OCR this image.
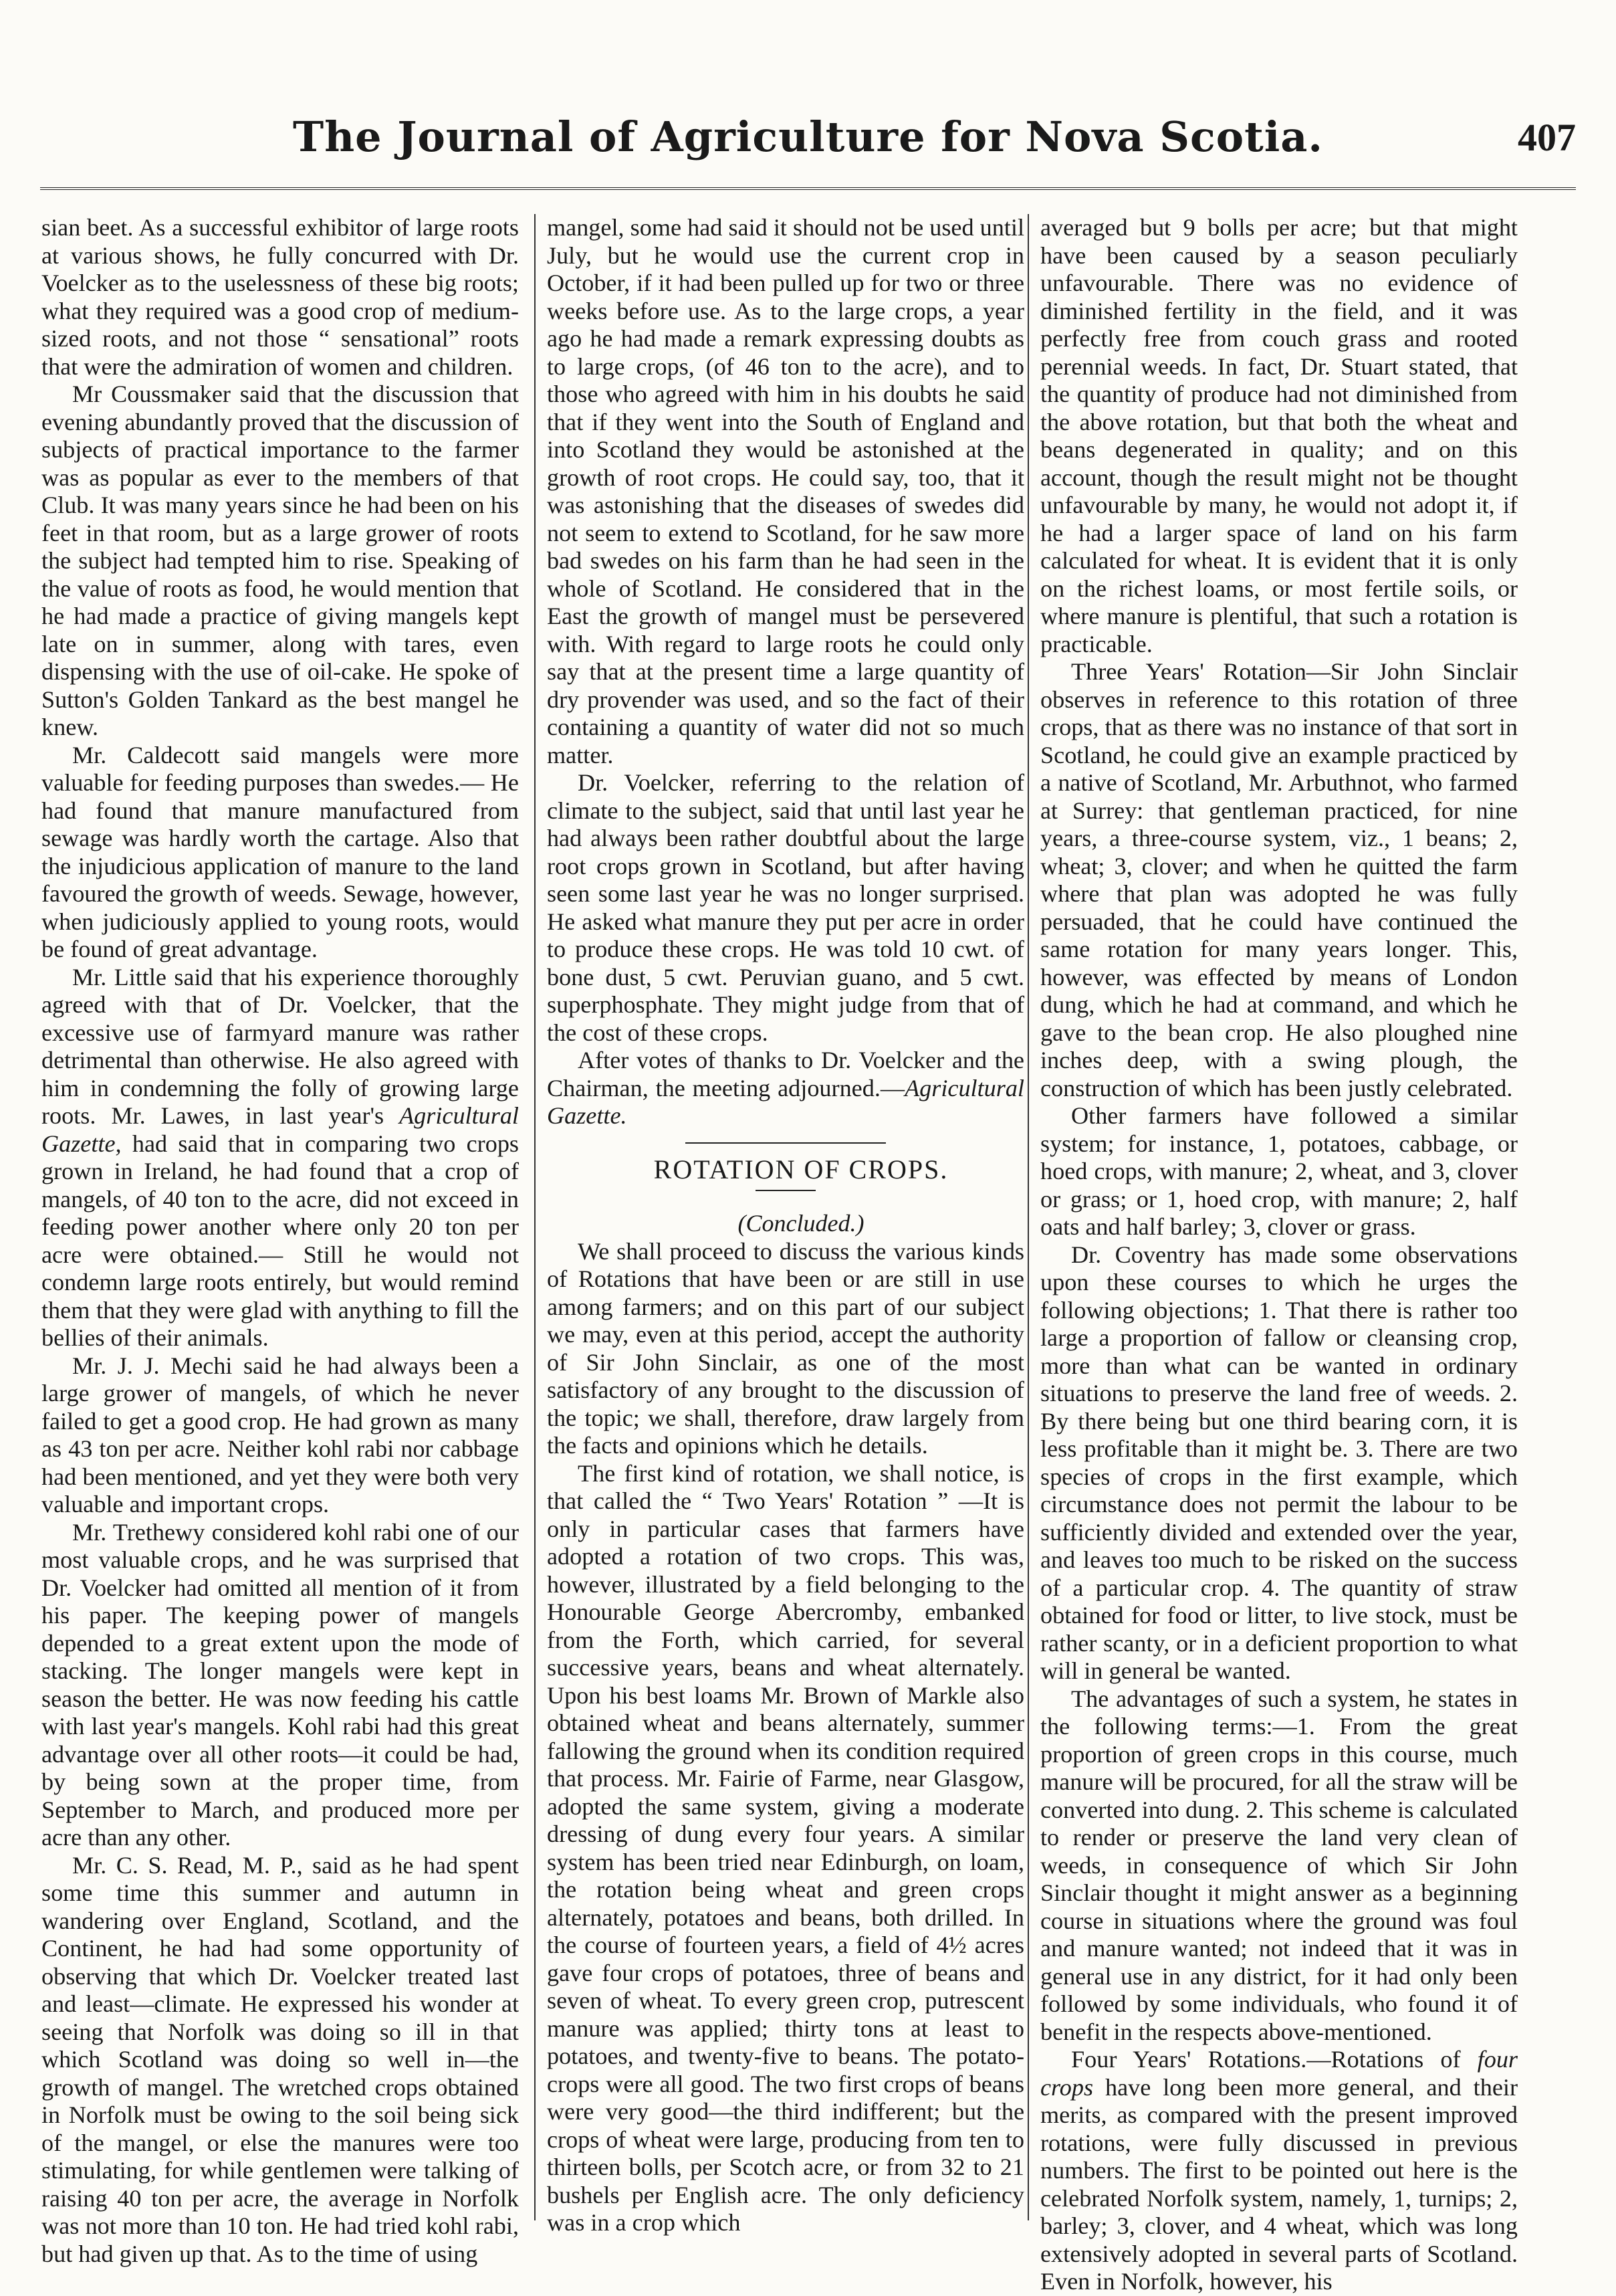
The Journal of Agriculture for Nova Scotia.	407

sian beet. As a successful exhibitor of large roots at various shows, he fully concurred with Dr. Voelcker as to the uselessness of these big roots; what they required was a good crop of medium-sized roots, and not those “ sensational” roots that were the admiration of women and children.

Mr Coussmaker said that the discussion that evening abundantly proved that the discussion of subjects of practical importance to the farmer was as popular as ever to the members of that Club. It was many years since he had been on his feet in that room, but as a large grower of roots the subject had tempted him to rise. Speaking of the value of roots as food, he would mention that he had made a practice of giving mangels kept late on in summer, along with tares, even dispensing with the use of oil-cake. He spoke of Sutton's Golden Tankard as the best mangel he knew.

Mr. Caldecott said mangels were more valuable for feeding purposes than swedes.— He had found that manure manufactured from sewage was hardly worth the cartage. Also that the injudicious application of manure to the land favoured the growth of weeds. Sewage, however, when judiciously applied to young roots, would be found of great advantage.

Mr. Little said that his experience thoroughly agreed with that of Dr. Voelcker, that the excessive use of farmyard manure was rather detrimental than otherwise. He also agreed with him in condemning the folly of growing large roots. Mr. Lawes, in last year's Agricultural Gazette, had said that in comparing two crops grown in Ireland, he had found that a crop of mangels, of 40 ton to the acre, did not exceed in feeding power another where only 20 ton per acre were obtained.— Still he would not condemn large roots entirely, but would remind them that they were glad with anything to fill the bellies of their animals.

Mr. J. J. Mechi said he had always been a large grower of mangels, of which he never failed to get a good crop. He had grown as many as 43 ton per acre. Neither kohl rabi nor cabbage had been mentioned, and yet they were both very valuable and important crops.

Mr. Trethewy considered kohl rabi one of our most valuable crops, and he was surprised that Dr. Voelcker had omitted all mention of it from his paper. The keeping power of mangels depended to a great extent upon the mode of stacking. The longer mangels were kept in season the better. He was now feeding his cattle with last year's mangels. Kohl rabi had this great advantage over all other roots—it could be had, by being sown at the proper time, from September to March, and produced more per acre than any other.

Mr. C. S. Read, M. P., said as he had spent some time this summer and autumn in wandering over England, Scotland, and the Continent, he had had some opportunity of observing that which Dr. Voelcker treated last and least—climate. He expressed his wonder at seeing that Norfolk was doing so ill in that which Scotland was doing so well in—the growth of mangel. The wretched crops obtained in Norfolk must be owing to the soil being sick of the mangel, or else the manures were too stimulating, for while gentlemen were talking of raising 40 ton per acre, the average in Norfolk was not more than 10 ton. He had tried kohl rabi, but had given up that. As to the time of using

mangel, some had said it should not be used until July, but he would use the current crop in October, if it had been pulled up for two or three weeks before use. As to the large crops, a year ago he had made a remark expressing doubts as to large crops, (of 46 ton to the acre), and to those who agreed with him in his doubts he said that if they went into the South of England and into Scotland they would be astonished at the growth of root crops. He could say, too, that it was astonishing that the diseases of swedes did not seem to extend to Scotland, for he saw more bad swedes on his farm than he had seen in the whole of Scotland. He considered that in the East the growth of mangel must be persevered with. With regard to large roots he could only say that at the present time a large quantity of dry provender was used, and so the fact of their containing a quantity of water did not so much matter.

Dr. Voelcker, referring to the relation of climate to the subject, said that until last year he had always been rather doubtful about the large root crops grown in Scotland, but after having seen some last year he was no longer surprised. He asked what manure they put per acre in order to produce these crops. He was told 10 cwt. of bone dust, 5 cwt. Peruvian guano, and 5 cwt. superphosphate. They might judge from that of the cost of these crops.

After votes of thanks to Dr. Voelcker and the Chairman, the meeting adjourned.—Agricultural Gazette.

ROTATION OF CROPS.

(Concluded.)

We shall proceed to discuss the various kinds of Rotations that have been or are still in use among farmers; and on this part of our subject we may, even at this period, accept the authority of Sir John Sinclair, as one of the most satisfactory of any brought to the discussion of the topic; we shall, therefore, draw largely from the facts and opinions which he details.

The first kind of rotation, we shall notice, is that called the “ Two Years' Rotation ” —It is only in particular cases that farmers have adopted a rotation of two crops. This was, however, illustrated by a field belonging to the Honourable George Abercromby, embanked from the Forth, which carried, for several successive years, beans and wheat alternately. Upon his best loams Mr. Brown of Markle also obtained wheat and beans alternately, summer fallowing the ground when its condition required that process. Mr. Fairie of Farme, near Glasgow, adopted the same system, giving a moderate dressing of dung every four years. A similar system has been tried near Edinburgh, on loam, the rotation being wheat and green crops alternately, potatoes and beans, both drilled. In the course of fourteen years, a field of 4½ acres gave four crops of potatoes, three of beans and seven of wheat. To every green crop, putrescent manure was applied; thirty tons at least to potatoes, and twenty-five to beans. The potato-crops were all good. The two first crops of beans were very good—the third indifferent; but the crops of wheat were large, producing from ten to thirteen bolls, per Scotch acre, or from 32 to 21 bushels per English acre. The only deficiency was in a crop which

averaged but 9 bolls per acre; but that might have been caused by a season peculiarly unfavourable. There was no evidence of diminished fertility in the field, and it was perfectly free from couch grass and rooted perennial weeds. In fact, Dr. Stuart stated, that the quantity of produce had not diminished from the above rotation, but that both the wheat and beans degenerated in quality; and on this account, though the result might not be thought unfavourable by many, he would not adopt it, if he had a larger space of land on his farm calculated for wheat. It is evident that it is only on the richest loams, or most fertile soils, or where manure is plentiful, that such a rotation is practicable.

Three Years' Rotation—Sir John Sinclair observes in reference to this rotation of three crops, that as there was no instance of that sort in Scotland, he could give an example practiced by a native of Scotland, Mr. Arbuthnot, who farmed at Surrey: that gentleman practiced, for nine years, a three-course system, viz., 1 beans; 2, wheat; 3, clover; and when he quitted the farm where that plan was adopted he was fully persuaded, that he could have continued the same rotation for many years longer. This, however, was effected by means of London dung, which he had at command, and which he gave to the bean crop. He also ploughed nine inches deep, with a swing plough, the construction of which has been justly celebrated.

Other farmers have followed a similar system; for instance, 1, potatoes, cabbage, or hoed crops, with manure; 2, wheat, and 3, clover or grass; or 1, hoed crop, with manure; 2, half oats and half barley; 3, clover or grass.

Dr. Coventry has made some observations upon these courses to which he urges the following objections; 1. That there is rather too large a proportion of fallow or cleansing crop, more than what can be wanted in ordinary situations to preserve the land free of weeds. 2. By there being but one third bearing corn, it is less profitable than it might be. 3. There are two species of crops in the first example, which circumstance does not permit the labour to be sufficiently divided and extended over the year, and leaves too much to be risked on the success of a particular crop. 4. The quantity of straw obtained for food or litter, to live stock, must be rather scanty, or in a deficient proportion to what will in general be wanted.

The advantages of such a system, he states in the following terms:—1. From the great proportion of green crops in this course, much manure will be procured, for all the straw will be converted into dung. 2. This scheme is calculated to render or preserve the land very clean of weeds, in consequence of which Sir John Sinclair thought it might answer as a beginning course in situations where the ground was foul and manure wanted; not indeed that it was in general use in any district, for it had only been followed by some individuals, who found it of benefit in the respects above-mentioned.

Four Years' Rotations.—Rotations of four crops have long been more general, and their merits, as compared with the present improved rotations, were fully discussed in previous numbers. The first to be pointed out here is the celebrated Norfolk system, namely, 1, turnips; 2, barley; 3, clover, and 4 wheat, which was long extensively adopted in several parts of Scotland. Even in Norfolk, however, his
